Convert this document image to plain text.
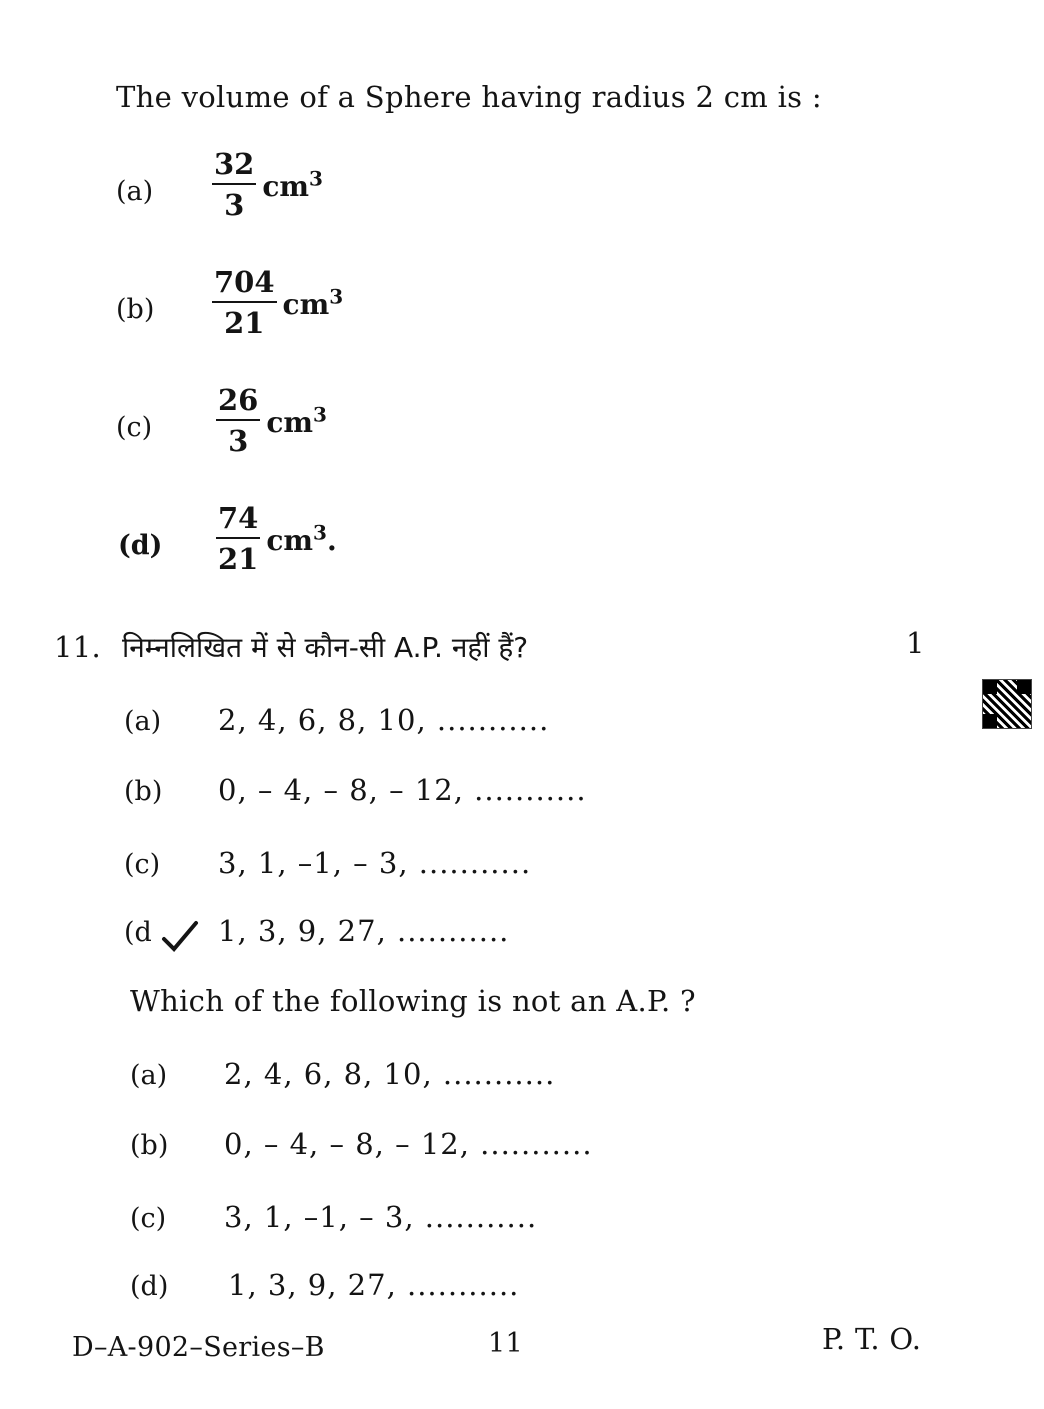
The volume of a Sphere having radius 2 cm is :
$(a) \frac{32}{3} cm^3$
$(b) \frac{704}{21} cm^3$
$(c) \frac{26}{3} cm^3$
$(d) \frac{74}{21} cm^3$.
11. निम्नलिखित में से कौन-सी A.P. नहीं हैं?	1
(a) 2, 4, 6, 8, 10, ...........
(b) 0, – 4, – 8, – 12, ...........
(c) 3, 1, –1, – 3, ...........
(d 1, 3, 9, 27, ...........
Which of the following is not an A.P. ?
(a) 2, 4, 6, 8, 10, ...........
(b) 0, – 4, – 8, – 12, ...........
(c) 3, 1, –1, – 3, ...........
(d) 1, 3, 9, 27, ...........
D–A-902–Series–B	11	P. T. O.
